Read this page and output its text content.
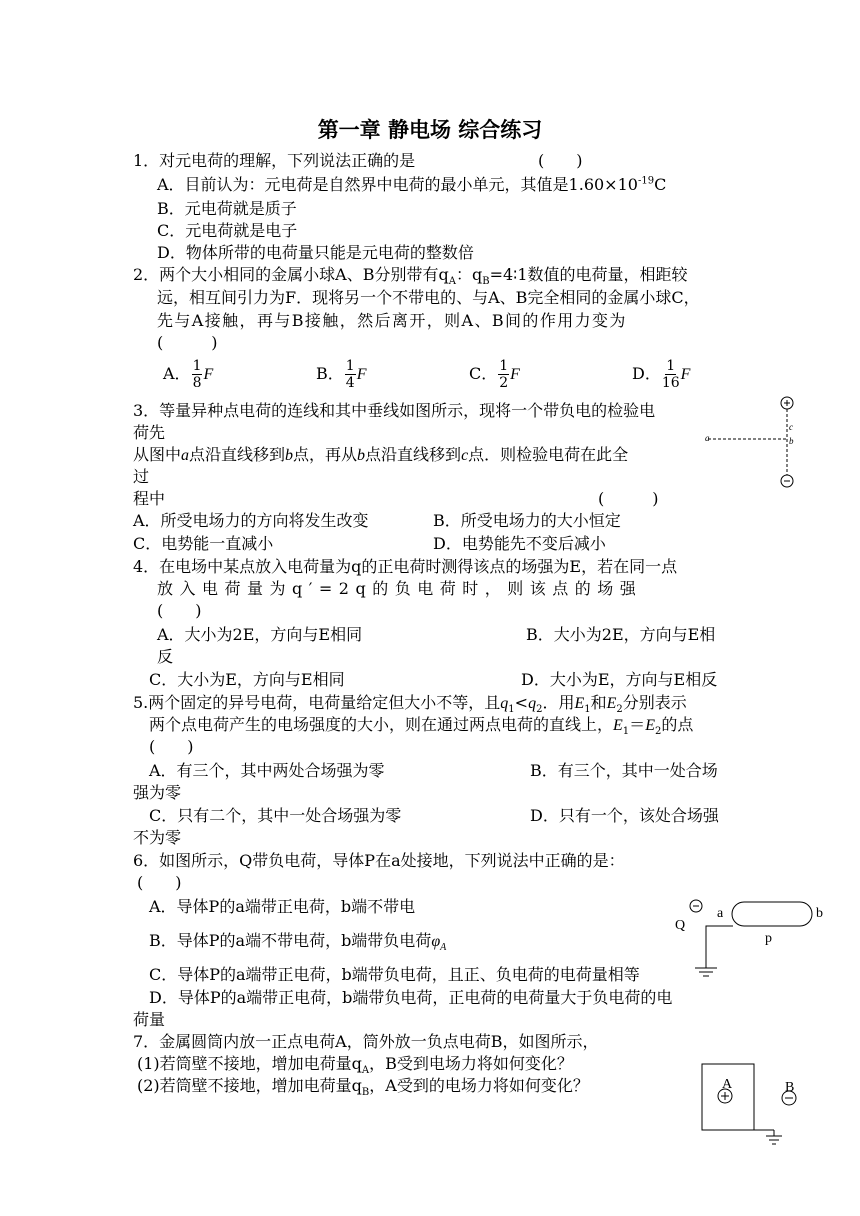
第一章 静电场 综合练习
1．对元电荷的理解，下列说法正确的是	(　　)
A．目前认为：元电荷是自然界中电荷的最小单元，其值是$1.60\times 10^{-19}C$
B．元电荷就是质子
C．元电荷就是电子
D．物体所带的电荷量只能是元电荷的整数倍
2．两个大小相同的金属小球A、B分别带有$q_A$：$q_B=4∶1$数值的电荷量，相距较
远，相互间引力为F．现将另一个不带电的、与A、B完全相同的金属小球C，
先与A接触，再与B接触，然后离开，则A、B间的作用力变为
(　　　)
A． $\frac{1}{8}$ F	B． $\frac{1}{4}$ F	C． $\frac{1}{2}$ F	D． $\frac{1}{16}$ F
3．等量异种点电荷的连线和其中垂线如图所示，现将一个带负电的检验电
荷先
从图中a点沿直线移到b点，再从b点沿直线移到c点．则检验电荷在此全
过
程中	(　　　)
A．所受电场力的方向将发生改变	B．所受电场力的大小恒定
C．电势能一直减小	D．电势能先不变后减小
a	b
c
4．在电场中某点放入电荷量为q的正电荷时测得该点的场强为E，若在同一点
放入电荷量为q′=2q的负电荷时，则该点的场强
(　　)
A．大小为2E，方向与E相同	B．大小为2E，方向与E相
反
C．大小为E，方向与E相同	D．大小为E，方向与E相反
5.两个固定的异号电荷，电荷量给定但大小不等，且$q_1<q_2$．用$E_1$和$E_2$分别表示
两个点电荷产生的电场强度的大小，则在通过两点电荷的直线上，$E_1=E_2$的点
(　　)
A．有三个，其中两处合场强为零	B．有三个，其中一处合场
强为零
C．只有二个，其中一处合场强为零	D．只有一个，该处合场强
不为零
6．如图所示，Q带负电荷，导体P在a处接地，下列说法中正确的是：
(　　)
A．导体P的a端带正电荷，b端不带电
B．导体P的a端不带电荷，b端带负电荷$\varphi_A$
C．导体P的a端带正电荷，b端带负电荷，且正、负电荷的电荷量相等
D．导体P的a端带正电荷，b端带负电荷，正电荷的电荷量大于负电荷的电
荷量
Q
a	b
p
7．金属圆筒内放一正点电荷A，筒外放一负点电荷B，如图所示，
(1)若筒壁不接地，增加电荷量$q_A$，B受到电场力将如何变化？
(2)若筒壁不接地，增加电荷量$q_B$，A受到的电场力将如何变化？	A	B
